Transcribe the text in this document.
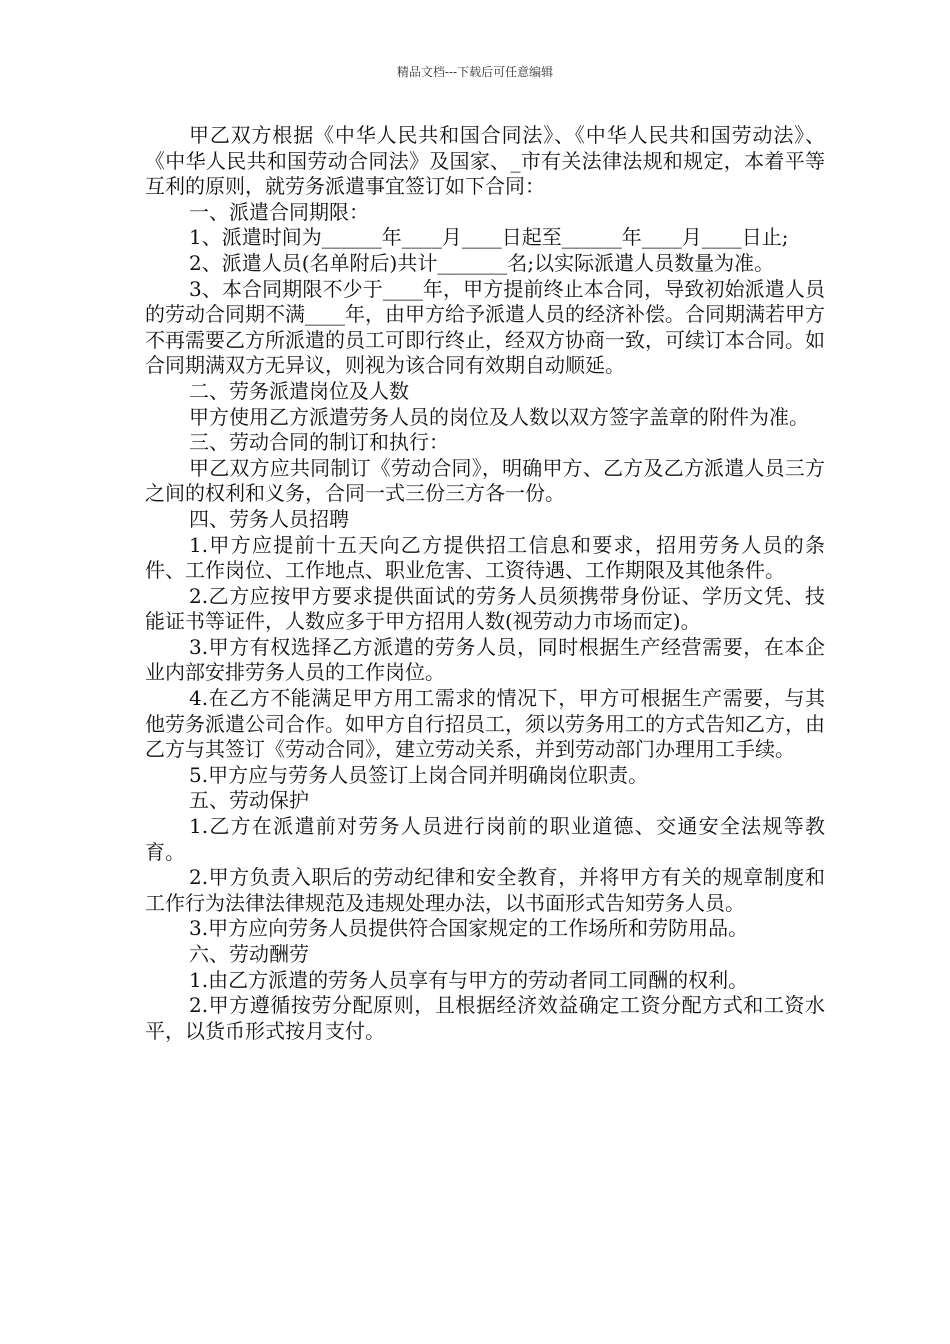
精品文档---下载后可任意编辑

甲乙双方根据《中华人民共和国合同法》、《中华人民共和国劳动法》、《中华人民共和国劳动合同法》及国家、_市有关法律法规和规定，本着平等互利的原则，就劳务派遣事宜签订如下合同：

一、派遣合同期限：

1、派遣时间为______年____月____日起至______年____月____日止;

2、派遣人员(名单附后)共计_______名;以实际派遣人员数量为准。

3、本合同期限不少于____年，甲方提前终止本合同，导致初始派遣人员的劳动合同期不满____年，由甲方给予派遣人员的经济补偿。合同期满若甲方不再需要乙方所派遣的员工可即行终止，经双方协商一致，可续订本合同。如合同期满双方无异议，则视为该合同有效期自动顺延。

二、劳务派遣岗位及人数

甲方使用乙方派遣劳务人员的岗位及人数以双方签字盖章的附件为准。

三、劳动合同的制订和执行：

甲乙双方应共同制订《劳动合同》，明确甲方、乙方及乙方派遣人员三方之间的权利和义务，合同一式三份三方各一份。

四、劳务人员招聘

1.甲方应提前十五天向乙方提供招工信息和要求，招用劳务人员的条件、工作岗位、工作地点、职业危害、工资待遇、工作期限及其他条件。

2.乙方应按甲方要求提供面试的劳务人员须携带身份证、学历文凭、技能证书等证件，人数应多于甲方招用人数(视劳动力市场而定)。

3.甲方有权选择乙方派遣的劳务人员，同时根据生产经营需要，在本企业内部安排劳务人员的工作岗位。

4.在乙方不能满足甲方用工需求的情况下，甲方可根据生产需要，与其他劳务派遣公司合作。如甲方自行招员工，须以劳务用工的方式告知乙方，由乙方与其签订《劳动合同》，建立劳动关系，并到劳动部门办理用工手续。

5.甲方应与劳务人员签订上岗合同并明确岗位职责。

五、劳动保护

1.乙方在派遣前对劳务人员进行岗前的职业道德、交通安全法规等教育。

2.甲方负责入职后的劳动纪律和安全教育，并将甲方有关的规章制度和工作行为法律法律规范及违规处理办法，以书面形式告知劳务人员。

3.甲方应向劳务人员提供符合国家规定的工作场所和劳防用品。

六、劳动酬劳

1.由乙方派遣的劳务人员享有与甲方的劳动者同工同酬的权利。

2.甲方遵循按劳分配原则，且根据经济效益确定工资分配方式和工资水平，以货币形式按月支付。
